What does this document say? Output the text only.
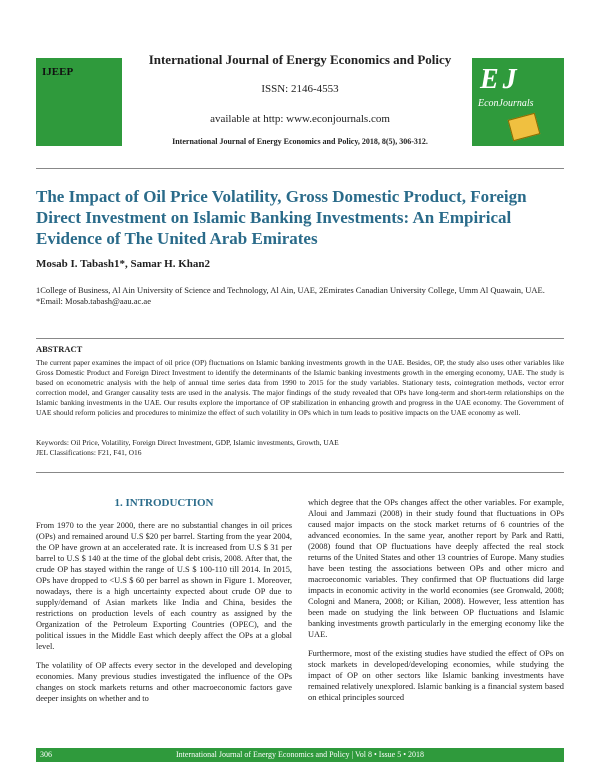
IJEEP
International Journal of Energy Economics and Policy
ISSN: 2146-4553
available at http: www.econjournals.com
International Journal of Energy Economics and Policy, 2018, 8(5), 306-312.
EJ
EconJournals
The Impact of Oil Price Volatility, Gross Domestic Product, Foreign Direct Investment on Islamic Banking Investments: An Empirical Evidence of The United Arab Emirates
Mosab I. Tabash1*, Samar H. Khan2
1College of Business, Al Ain University of Science and Technology, Al Ain, UAE, 2Emirates Canadian University College, Umm Al Quawain, UAE. *Email: Mosab.tabash@aau.ac.ae
ABSTRACT
The current paper examines the impact of oil price (OP) fluctuations on Islamic banking investments growth in the UAE. Besides, OP, the study also uses other variables like Gross Domestic Product and Foreign Direct Investment to identify the determinants of the Islamic banking investments growth in the emerging economy, UAE. The study is based on econometric analysis with the help of annual time series data from 1990 to 2015 for the study variables. Stationary tests, cointegration methods, vector error correction model, and Granger causality tests are used in the analysis. The major findings of the study revealed that OPs have long-term and short-term relationships on the Islamic banking investments in the UAE. Our results explore the importance of OP stabilization in enhancing growth and progress in the UAE economy. The Government of UAE should reform policies and procedures to minimize the effect of such volatility in OPs which in turn leads to positive impacts on the UAE economy as well.
Keywords: Oil Price, Volatility, Foreign Direct Investment, GDP, Islamic investments, Growth, UAE
JEL Classifications: F21, F41, O16
1. INTRODUCTION

From 1970 to the year 2000, there are no substantial changes in oil prices (OPs) and remained around U.S $20 per barrel. Starting from the year 2004, the OP have grown at an accelerated rate. It is increased from U.S $ 31 per barrel to U.S $ 140 at the time of the global debt crisis, 2008. After that, the crude OP has stayed within the range of U.S $ 100-110 till 2014. In 2015, OPs have dropped to <U.S $ 60 per barrel as shown in Figure 1. Moreover, nowadays, there is a high uncertainty expected about crude OP due to supply/demand of Asian markets like India and China, besides the restrictions on production levels of each country as assigned by the Organization of the Petroleum Exporting Countries (OPEC), and the political issues in the Middle East which deeply affect the OPs at a global level.

The volatility of OP affects every sector in the developed and developing economies. Many previous studies investigated the influence of the OPs changes on stock markets returns and other macroeconomic factors gave deeper insights on whether and to

which degree that the OPs changes affect the other variables. For example, Aloui and Jammazi (2008) in their study found that fluctuations in OPs caused major impacts on the stock market returns of 6 countries of the advanced economies. In the same year, another report by Park and Ratti, (2008) found that OP fluctuations have deeply affected the real stock returns of the United States and other 13 countries of Europe. Many studies have been testing the associations between OPs and other micro and macroeconomic variables. They confirmed that OP fluctuations did large impacts in economic activity in the world economies (see Gronwald, 2008; Cologni and Manera, 2008; or Kilian, 2008). However, less attention has been made on studying the link between OP fluctuations and Islamic banking investments growth particularly in the emerging economy like the UAE.

Furthermore, most of the existing studies have studied the effect of OPs on stock markets in developed/developing economies, while studying the impact of OP on other sectors like Islamic banking investments have remained relatively unexplored. Islamic banking is a financial system based on ethical principles sourced

306	International Journal of Energy Economics and Policy | Vol 8 • Issue 5 • 2018
